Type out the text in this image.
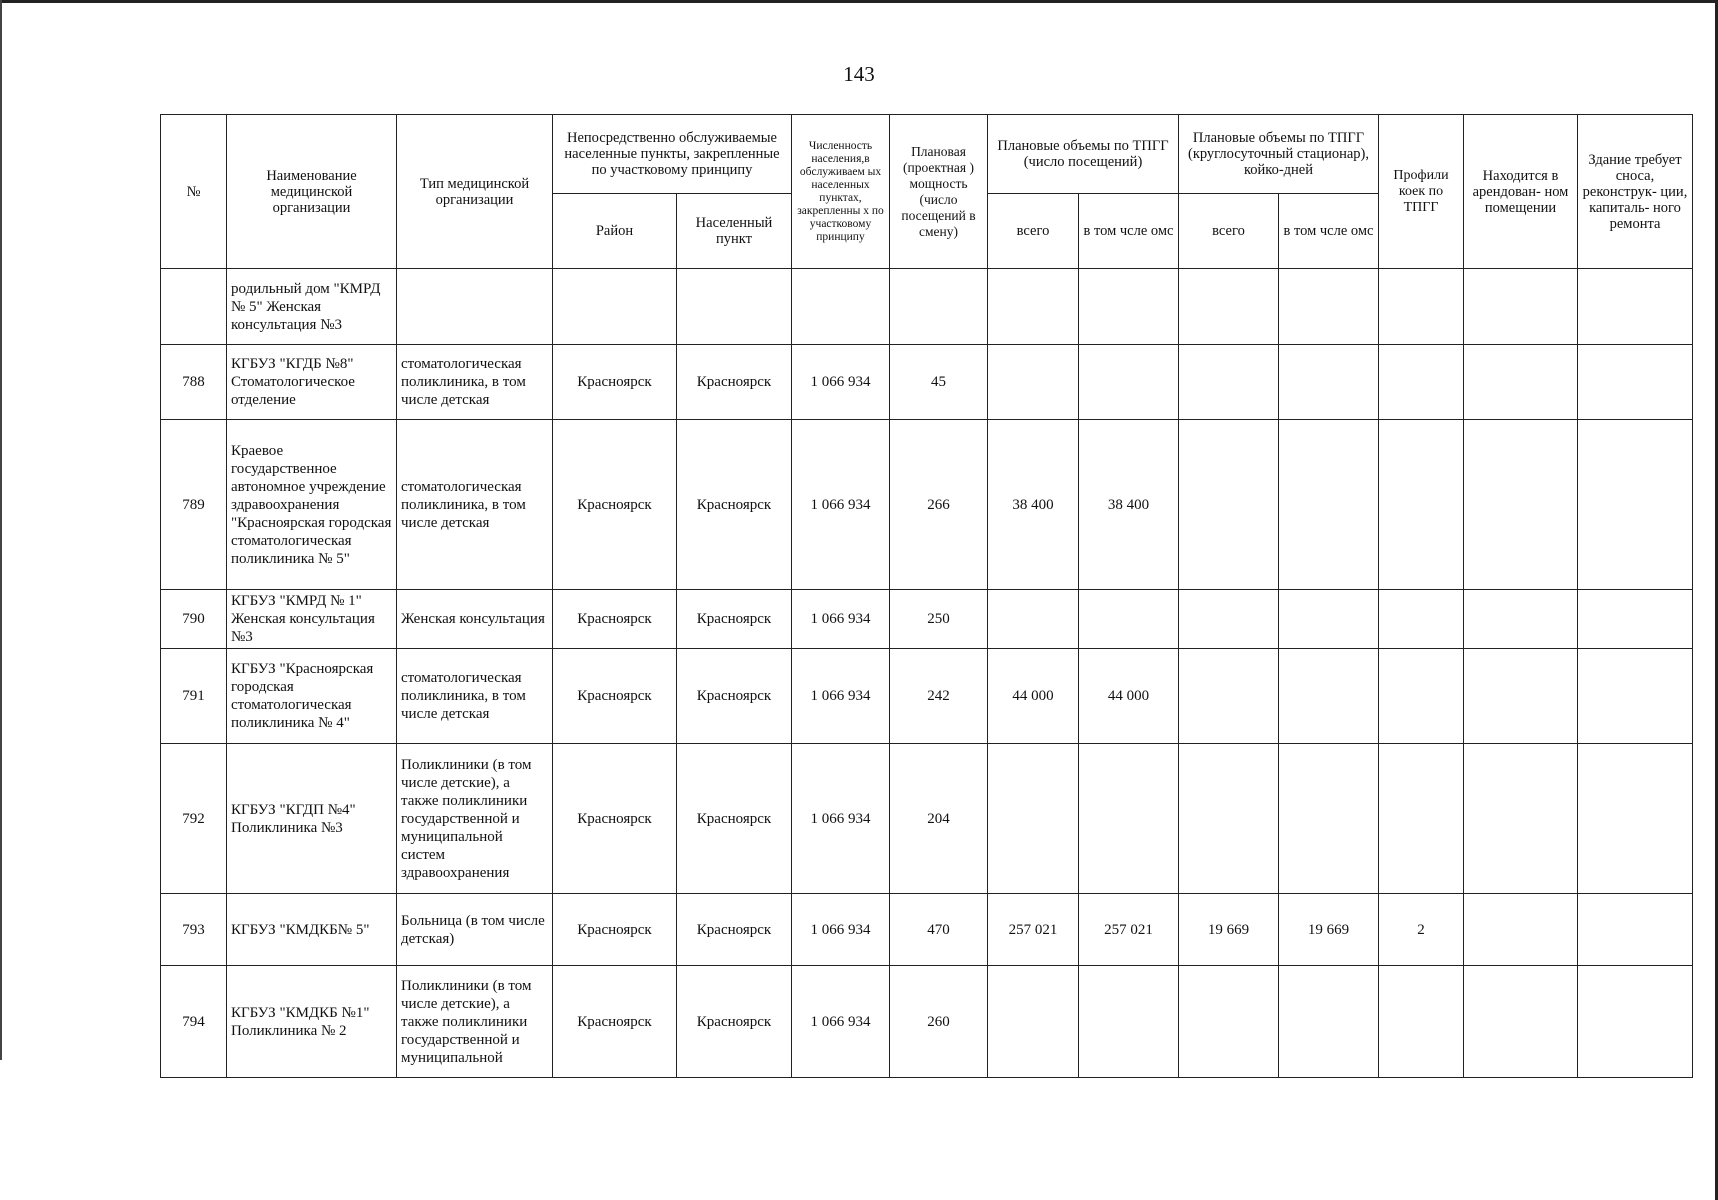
143
№	Наименование медицинской организации	Тип медицинской организации	Непосредственно обслуживаемые населенные пункты, закрепленные по участковому принципу		Численность населения,в обслуживаем ых населенных пунктах, закрепленны х по участковому принципу	Плановая (проектная ) мощность (число посещений в смену)	Плановые объемы по ТПГГ (число посещений)		Плановые объемы по ТПГГ (круглосуточный стационар), койко-дней		Профили коек по ТПГГ	Находится в арендован- ном помещении	Здание требует сноса, реконструк- ции, капиталь- ного ремонта
			Район	Населенный пункт			всего	в том чсле омс	всего	в том чсле омс			
	родильный дом "КМРД № 5" Женская консультация №3												
788	КГБУЗ "КГДБ №8" Стоматологическое отделение	стоматологическая поликлиника, в том числе детская	Красноярск	Красноярск	1 066 934	45							
789	Краевое государственное автономное учреждение здравоохранения "Красноярская городская стоматологическая поликлиника № 5"	стоматологическая поликлиника, в том числе детская	Красноярск	Красноярск	1 066 934	266	38 400	38 400					
790	КГБУЗ "КМРД № 1" Женская консультация №3	Женская консультация	Красноярск	Красноярск	1 066 934	250							
791	КГБУЗ "Красноярская городская стоматологическая поликлиника № 4"	стоматологическая поликлиника, в том числе детская	Красноярск	Красноярск	1 066 934	242	44 000	44 000					
792	КГБУЗ "КГДП №4" Поликлиника №3	Поликлиники (в том числе детские), а также поликлиники государственной и муниципальной систем здравоохранения	Красноярск	Красноярск	1 066 934	204							
793	КГБУЗ "КМДКБ№ 5"	Больница (в том числе детская)	Красноярск	Красноярск	1 066 934	470	257 021	257 021	19 669	19 669	2		
794	КГБУЗ "КМДКБ №1" Поликлиника № 2	Поликлиники (в том числе детские), а также поликлиники государственной и муниципальной	Красноярск	Красноярск	1 066 934	260							
